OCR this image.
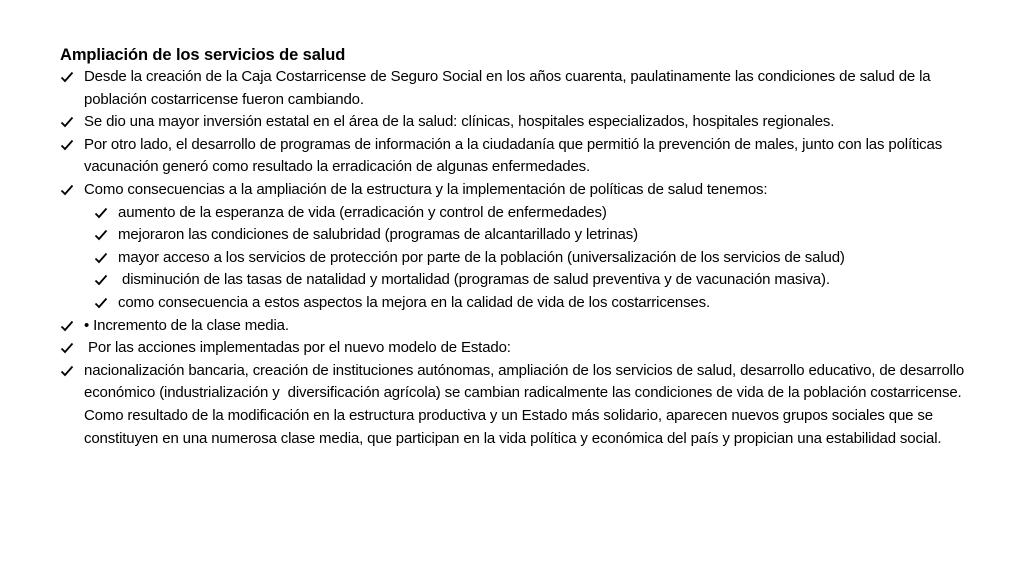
Ampliación de los servicios de salud

Desde la creación de la Caja Costarricense de Seguro Social en los años cuarenta, paulatinamente las condiciones de salud de la población costarricense fueron cambiando.
Se dio una mayor inversión estatal en el área de la salud: clínicas, hospitales especializados, hospitales regionales.
Por otro lado, el desarrollo de programas de información a la ciudadanía que permitió la prevención de males, junto con las políticas vacunación generó como resultado la erradicación de algunas enfermedades.
Como consecuencias a la ampliación de la estructura y la implementación de políticas de salud tenemos:
aumento de la esperanza de vida (erradicación y control de enfermedades)
mejoraron las condiciones de salubridad (programas de alcantarillado y letrinas)
mayor acceso a los servicios de protección por parte de la población (universalización de los servicios de salud)
disminución de las tasas de natalidad y mortalidad (programas de salud preventiva y de vacunación masiva).
como consecuencia a estos aspectos la mejora en la calidad de vida de los costarricenses.
• Incremento de la clase media.
Por las acciones implementadas por el nuevo modelo de Estado:
nacionalización bancaria, creación de instituciones autónomas, ampliación de los servicios de salud, desarrollo educativo, de desarrollo económico (industrialización y  diversificación agrícola) se cambian radicalmente las condiciones de vida de la población costarricense. Como resultado de la modificación en la estructura productiva y un Estado más solidario, aparecen nuevos grupos sociales que se constituyen en una numerosa clase media, que participan en la vida política y económica del país y propician una estabilidad social.
